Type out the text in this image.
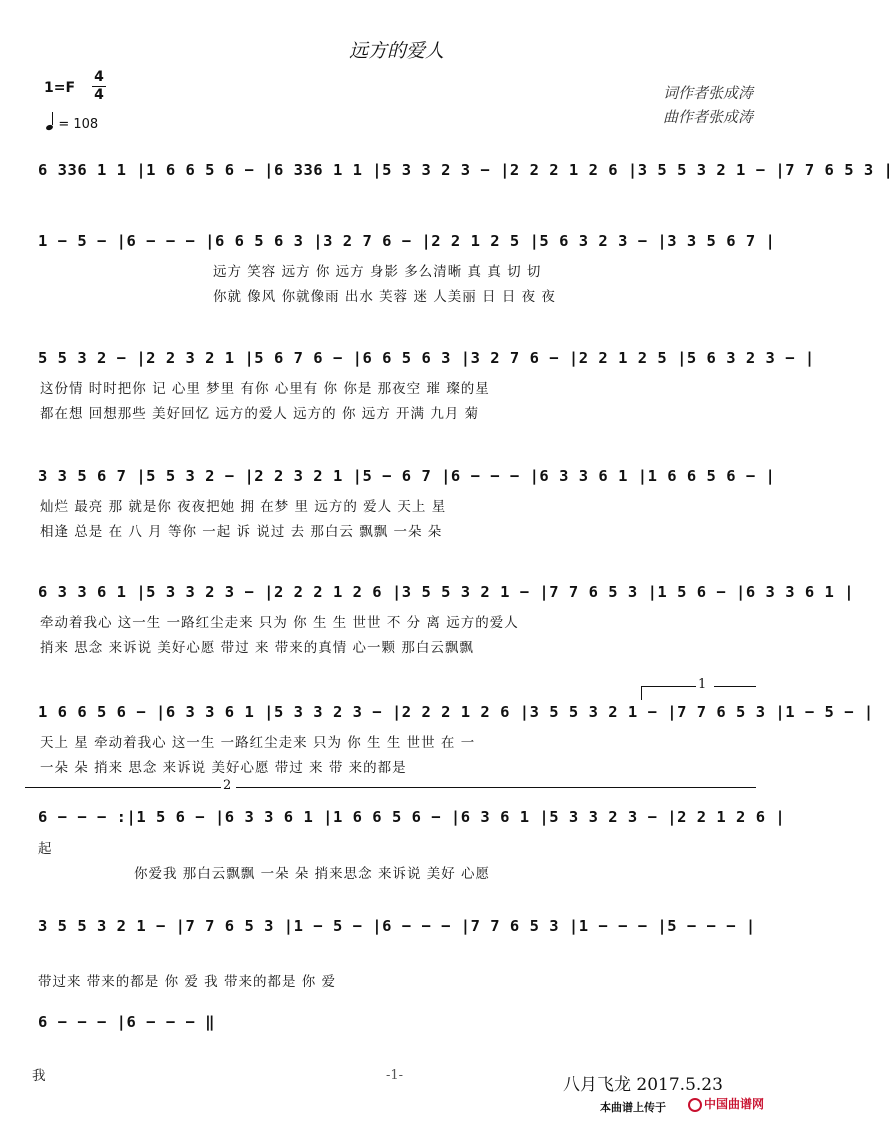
远方的爱人
1=F
4
4
= 108
词作者张成涛
曲作者张成涛
6 336 1 1 |1 6 6 5 6 − |6 336 1 1 |5 3 3 2 3 − |2 2 2 1 2 6 |3 5 5 3 2 1 − |7 7 6 5 3 |
1 − 5 − |6 − − − |6 6 5 6 3 |3 2 7 6 − |2 2 1 2 5 |5 6 3 2 3 − |3 3 5 6 7 |
远方 笑容 远方 你 远方 身影 多么清晰 真 真 切 切
你就 像风 你就像雨 出水 芙蓉 迷 人美丽 日 日 夜 夜
5 5 3 2 − |2 2 3 2 1 |5 6 7 6 − |6 6 5 6 3 |3 2 7 6 − |2 2 1 2 5 |5 6 3 2 3 − |
这份情 时时把你 记 心里 梦里 有你 心里有 你 你是 那夜空 璀 璨的星
都在想 回想那些 美好回忆 远方的爱人 远方的 你 远方 开满 九月 菊
3 3 5 6 7 |5 5 3 2 − |2 2 3 2 1 |5 − 6 7 |6 − − − |6 3 3 6 1 |1 6 6 5 6 − |
灿烂 最亮 那 就是你 夜夜把她 拥 在梦 里 远方的 爱人 天上 星
相逢 总是 在 八 月 等你 一起 诉 说过 去 那白云 飘飘 一朵 朵
6 3 3 6 1 |5 3 3 2 3 − |2 2 2 1 2 6 |3 5 5 3 2 1 − |7 7 6 5 3 |1 5 6 − |6 3 3 6 1 |
牵动着我心 这一生 一路红尘走来 只为 你 生 生 世世 不 分 离 远方的爱人
捎来 思念 来诉说 美好心愿 带过 来 带来的真情 心一颗 那白云飘飘
1
1 6 6 5 6 − |6 3 3 6 1 |5 3 3 2 3 − |2 2 2 1 2 6 |3 5 5 3 2 1 − |7 7 6 5 3 |1 − 5 − |
天上 星 牵动着我心 这一生 一路红尘走来 只为 你 生 生 世世 在 一
一朵 朵 捎来 思念 来诉说 美好心愿 带过 来 带 来的都是
2
6 − − − :|1 5 6 − |6 3 3 6 1 |1 6 6 5 6 − |6 3 6 1 |5 3 3 2 3 − |2 2 1 2 6 |
起
你爱我 那白云飘飘 一朵 朵 捎来思念 来诉说 美好 心愿
3 5 5 3 2 1 − |7 7 6 5 3 |1 − 5 − |6 − − − |7 7 6 5 3 |1 − − − |5 − − − |
带过来 带来的都是 你 爱 我 带来的都是 你 爱
6 − − − |6 − − − ‖
我	-1-	八月飞龙 2017.5.23
本曲谱上传于	中国曲谱网
